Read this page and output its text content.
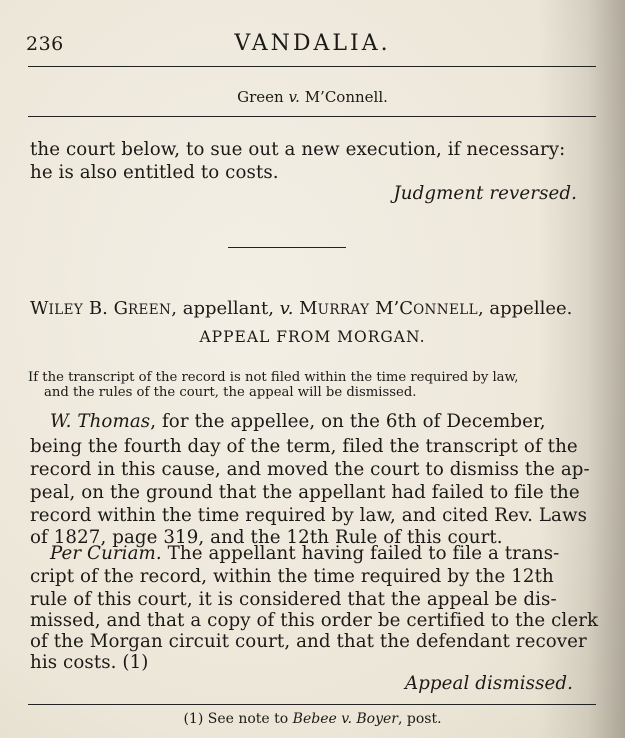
236	VANDALIA.
Green v. M’Connell.
the court below, to sue out a new execution, if necessary:
he is also entitled to costs.
Judgment reversed.
WILEY B. GREEN, appellant, v. MURRAY M’CONNELL, appellee.
APPEAL FROM MORGAN.
If the transcript of the record is not filed within the time required by law,
and the rules of the court, the appeal will be dismissed.
W. Thomas, for the appellee, on the 6th of December,
being the fourth day of the term, filed the transcript of the
record in this cause, and moved the court to dismiss the ap-
peal, on the ground that the appellant had failed to file the
record within the time required by law, and cited Rev. Laws
of 1827, page 319, and the 12th Rule of this court.
Per Curiam. The appellant having failed to file a trans-
cript of the record, within the time required by the 12th
rule of this court, it is considered that the appeal be dis-
missed, and that a copy of this order be certified to the clerk
of the Morgan circuit court, and that the defendant recover
his costs. (1)
Appeal dismissed.
(1) See note to Bebee v. Boyer, post.
